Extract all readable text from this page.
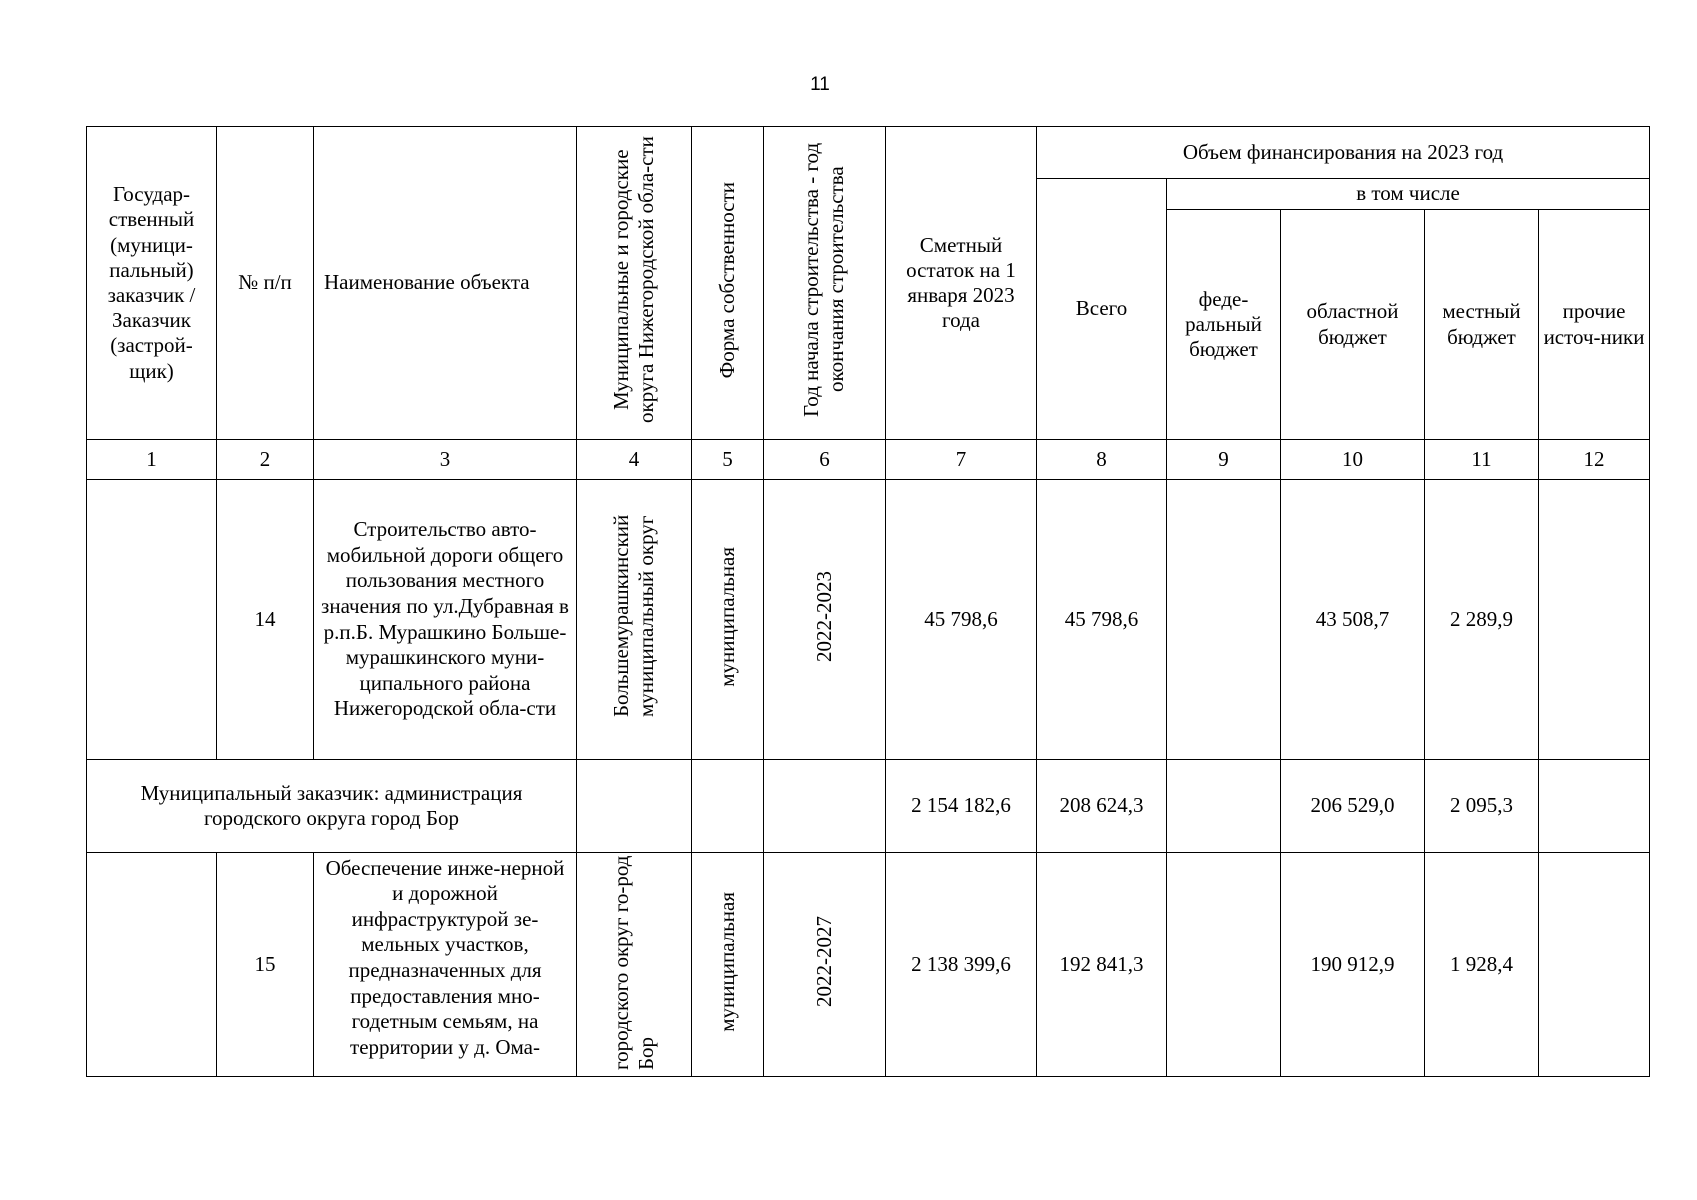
11
Государ-ственный (муници-пальный) заказчик / Заказчик (застрой-щик)	№ п/п	Наименование объекта	Муниципальные и городские округа Нижегородской обла-сти	Форма собственности	Год начала строительства - год окончания строительства	Сметный остаток на 1 января 2023 года	Объем финансирования на 2023 год				
							Всего	в том числе			
								феде-ральный бюджет	областной бюджет	местный бюджет	прочие источ-ники
1	2	3	4	5	6	7	8	9	10	11	12
	14	Строительство авто-мобильной дороги общего пользования местного значения по ул.Дубравная в р.п.Б. Мурашкино Больше-мурашкинского муни-ципального района Нижегородской обла-сти	Большемурашкинский муниципальный округ	муниципальная	2022-2023	45 798,6	45 798,6		43 508,7	2 289,9	
Муниципальный заказчик: администрация городского округа город Бор						2 154 182,6	208 624,3		206 529,0	2 095,3	
	15	Обеспечение инже-нерной и дорожной инфраструктурой зе-мельных участков, предназначенных для предоставления мно-годетным семьям, на территории у д. Ома-	городского округ го-род Бор	муниципальная	2022-2027	2 138 399,6	192 841,3		190 912,9	1 928,4	
